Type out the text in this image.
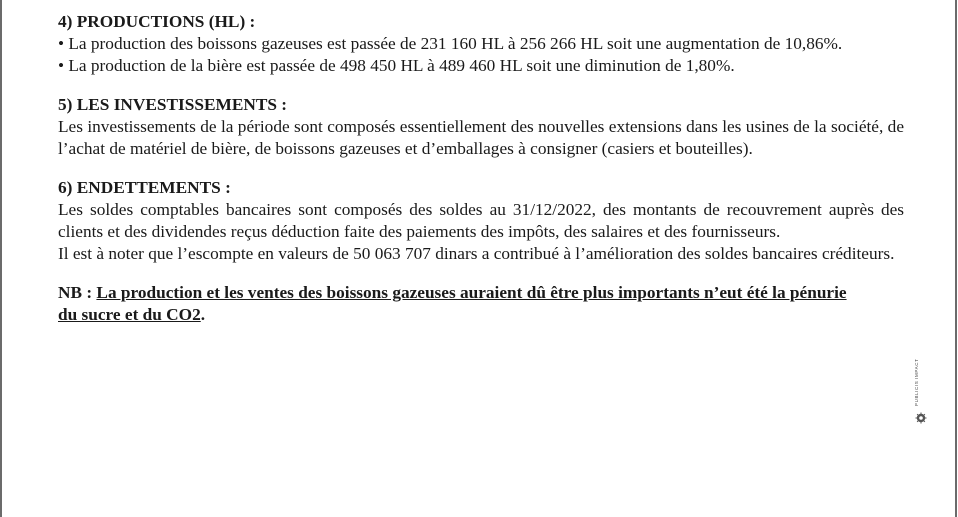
4) PRODUCTIONS (HL) :

• La production des boissons gazeuses est passée de 231 160 HL à 256 266 HL soit une augmentation de 10,86%.

• La production de la bière est passée de 498 450 HL à 489 460 HL soit une diminution de 1,80%.

5) LES INVESTISSEMENTS :

Les investissements de la période sont composés essentiellement des nouvelles extensions dans les usines de la société, de l’achat de matériel de bière, de boissons gazeuses et d’emballages à consigner (casiers et bouteilles).

6) ENDETTEMENTS :

Les soldes comptables bancaires sont composés des soldes au 31/12/2022, des montants de recouvrement auprès des clients et des dividendes reçus déduction faite des paiements des impôts, des salaires et des fournisseurs.

Il est à noter que l’escompte en valeurs de 50 063 707 dinars a contribué à l’amélioration des soldes bancaires créditeurs.

NB : La production et les ventes des boissons gazeuses auraient dû être plus importants n’eut été la pénurie du sucre et du CO2.

PUBLICIS IMPACT
